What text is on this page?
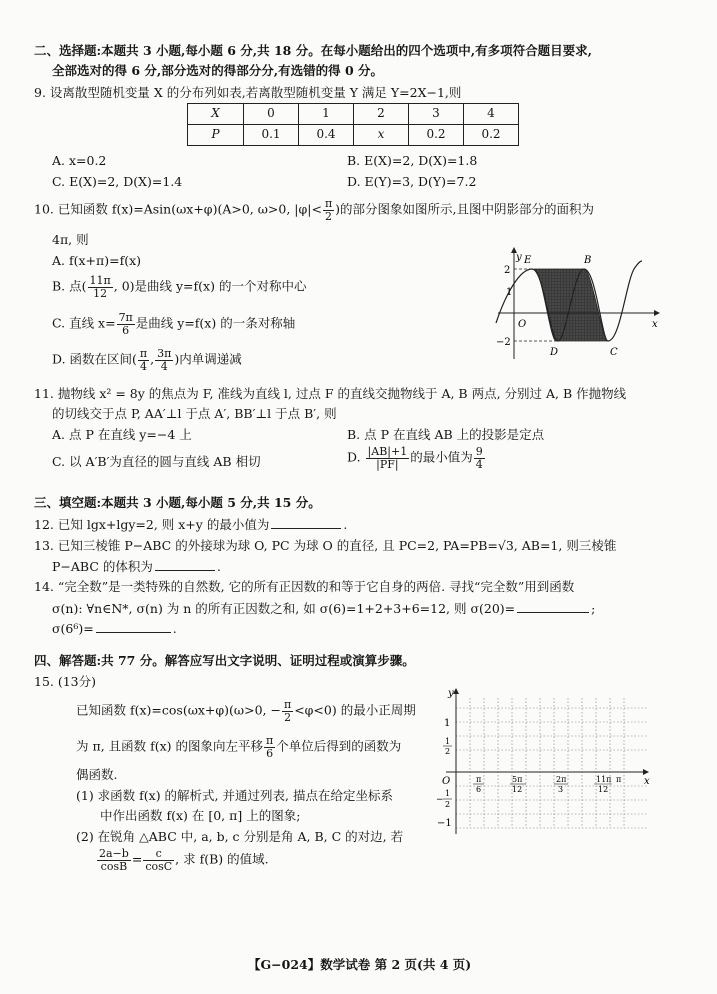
二、选择题:本题共 3 小题,每小题 6 分,共 18 分。在每小题给出的四个选项中,有多项符合题目要求,
全部选对的得 6 分,部分选对的得部分分,有选错的得 0 分。
9. 设离散型随机变量 X 的分布列如表,若离散型随机变量 Y 满足 Y=2X−1,则
X	0	1	2	3	4
P	0.1	0.4	x	0.2	0.2
A. x=0.2	B. E(X)=2, D(X)=1.8
C. E(X)=2, D(X)=1.4	D. E(Y)=3, D(Y)=7.2
10. 已知函数 f(x)=Asin(ωx+φ)(A>0, ω>0, $|\varphi|< \frac{\pi}{2}$ )的部分图象如图所示,且图中阴影部分的面积为
4π, 则
A. f(x+π)=f(x)
B. 点( $\frac{11\pi}{12}$ , 0)是曲线 y=f(x) 的一个对称中心
C. 直线 $x= \frac{7\pi}{6}$ 是曲线 y=f(x) 的一条对称轴
D. 函数在区间( $\frac{\pi}{4}$ , $\frac{3\pi}{4}$ )内单调递减
y
x
O
2
1
−2
E	B
D	C
11. 抛物线 x² = 8y 的焦点为 F, 准线为直线 l, 过点 F 的直线交抛物线于 A, B 两点, 分别过 A, B 作抛物线
的切线交于点 P, AA′⊥l 于点 A′, BB′⊥l 于点 B′, 则
A. 点 P 在直线 y=−4 上	B. 点 P 在直线 AB 上的投影是定点
C. 以 A′B′为直径的圆与直线 AB 相切	D. $\frac{|AB|+1}{|PF|}$ 的最小值为 $\frac{9}{4}$
三、填空题:本题共 3 小题,每小题 5 分,共 15 分。
12. 已知 lgx+lgy=2, 则 x+y 的最小值为	.
13. 已知三棱锥 P−ABC 的外接球为球 O, PC 为球 O 的直径, 且 PC=2, PA=PB=√3, AB=1, 则三棱锥
P−ABC 的体积为	.
14. “完全数”是一类特殊的自然数, 它的所有正因数的和等于它自身的两倍. 寻找“完全数”用到函数
σ(n): ∀n∈N*, σ(n) 为 n 的所有正因数之和, 如 σ(6)=1+2+3+6=12, 则 σ(20)=	;
σ(6⁶)=	.
四、解答题:共 77 分。解答应写出文字说明、证明过程或演算步骤。
15. (13分)
已知函数 f(x)=cos(ωx+φ)(ω>0, − $\frac{\pi}{2} <\varphi<0$) 的最小正周期
为 π, 且函数 f(x) 的图象向左平移 $\frac{\pi}{6}$ 个单位后得到的函数为
偶函数.
(1) 求函数 f(x) 的解析式, 并通过列表, 描点在给定坐标系
中作出函数 f(x) 在 [0, π] 上的图象;
(2) 在锐角 △ABC 中, a, b, c 分别是角 A, B, C 的对边, 若
$\frac{2a-b}{\cos B} = \frac{c}{\cos C}$ , 求 f(B) 的值域.
y
x
O
1
1
2
−
1
2
−1
π
6
5π
12
2π
3
11π
12
π
【G−024】数学试卷 第 2 页(共 4 页)
